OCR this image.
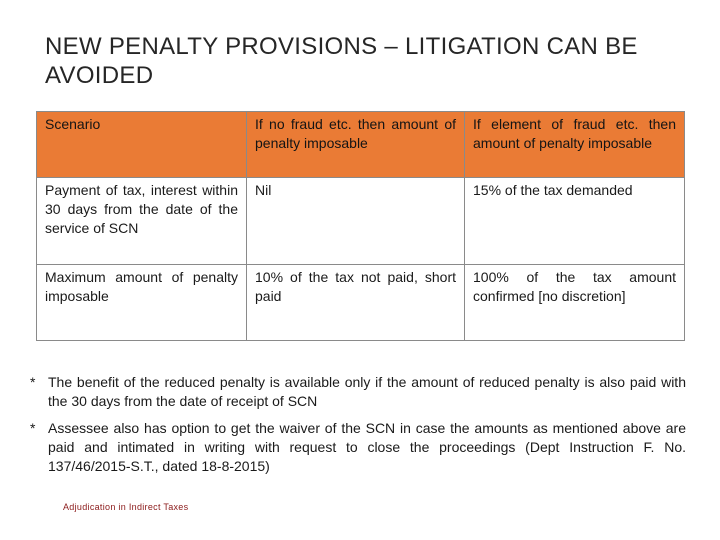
NEW PENALTY PROVISIONS – LITIGATION CAN BE AVOIDED
Scenario	If no fraud etc. then amount of penalty imposable	If element of fraud etc. then amount of penalty imposable
Payment of tax, interest within 30 days from the date of the service of SCN	Nil	15% of the tax demanded
Maximum amount of penalty imposable	10% of the tax not paid, short paid	100% of the tax amount confirmed [no discretion]
* The benefit of the reduced penalty is available only if the amount of reduced penalty is also paid with the 30 days from the date of receipt of SCN
* Assessee also has option to get the waiver of the SCN in case the amounts as mentioned above are paid and intimated in writing with request to close the proceedings (Dept Instruction F. No. 137/46/2015-S.T., dated 18-8-2015)
Adjudication in Indirect Taxes
